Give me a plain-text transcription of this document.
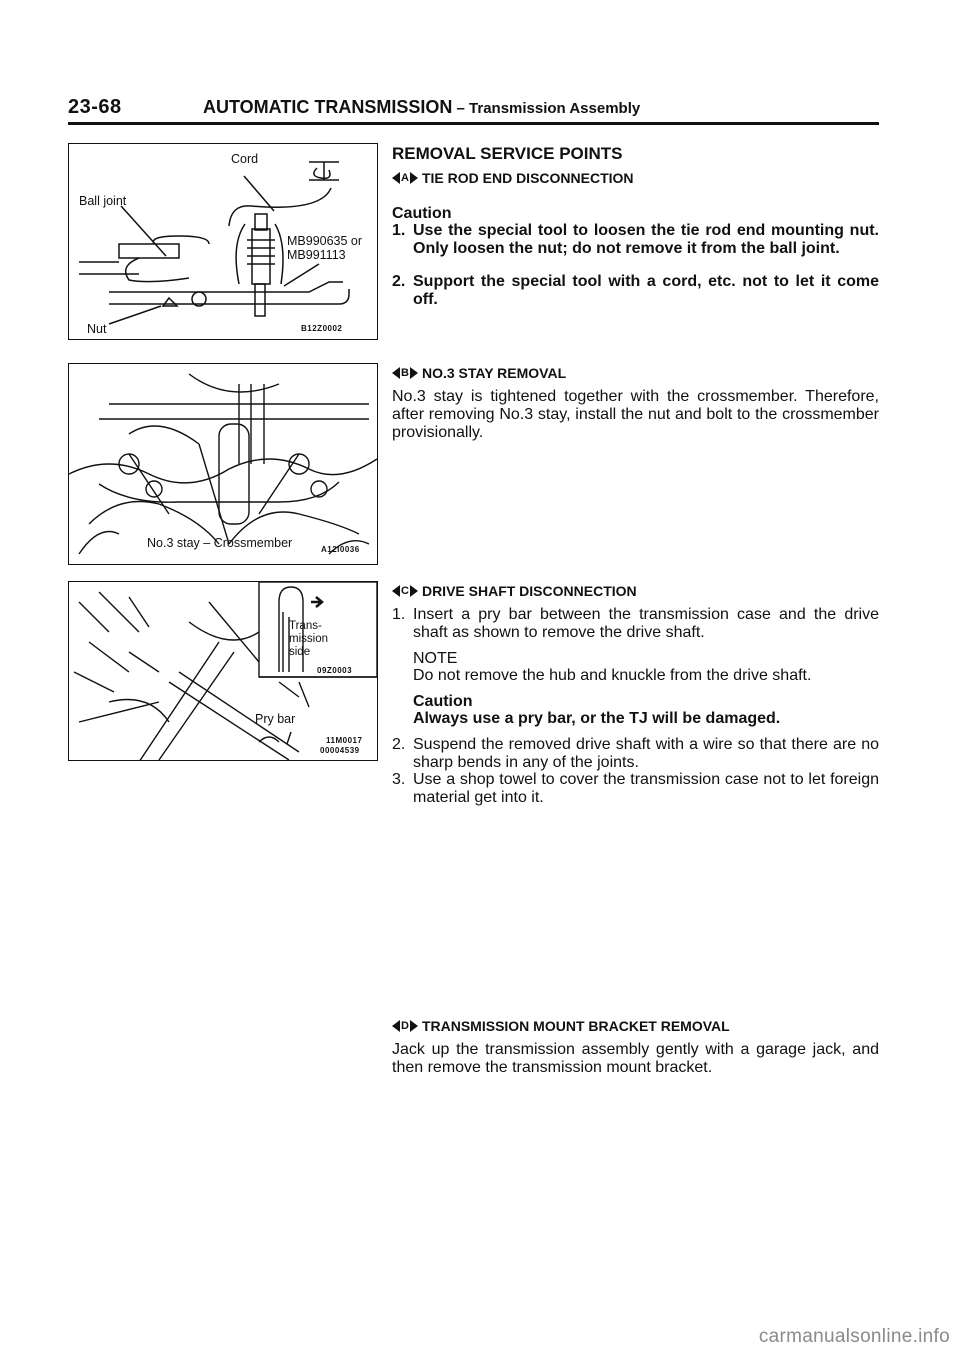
23-68	AUTOMATIC TRANSMISSION – Transmission Assembly
Cord
Ball joint
MB990635 or
MB991113
Nut	B12Z0002
No.3 stay – Crossmember	A12I0036
Trans-
mission
side
09Z0003
Pry bar
11M0017
00004539
REMOVAL SERVICE POINTS
A TIE ROD END DISCONNECTION
Caution
1. Use the special tool to loosen the tie rod end mounting nut. Only loosen the nut; do not remove it from the ball joint.
2. Support the special tool with a cord, etc. not to let it come off.
B NO.3 STAY REMOVAL
No.3 stay is tightened together with the crossmember. Therefore, after removing No.3 stay, install the nut and bolt to the crossmember provisionally.
C DRIVE SHAFT DISCONNECTION
1. Insert a pry bar between the transmission case and the drive shaft as shown to remove the drive shaft.
NOTE
Do not remove the hub and knuckle from the drive shaft.
Caution
Always use a pry bar, or the TJ will be damaged.
2. Suspend the removed drive shaft with a wire so that there are no sharp bends in any of the joints.
3. Use a shop towel to cover the transmission case not to let foreign material get into it.
D TRANSMISSION MOUNT BRACKET REMOVAL
Jack up the transmission assembly gently with a garage jack, and then remove the transmission mount bracket.
carmanualsonline.info
